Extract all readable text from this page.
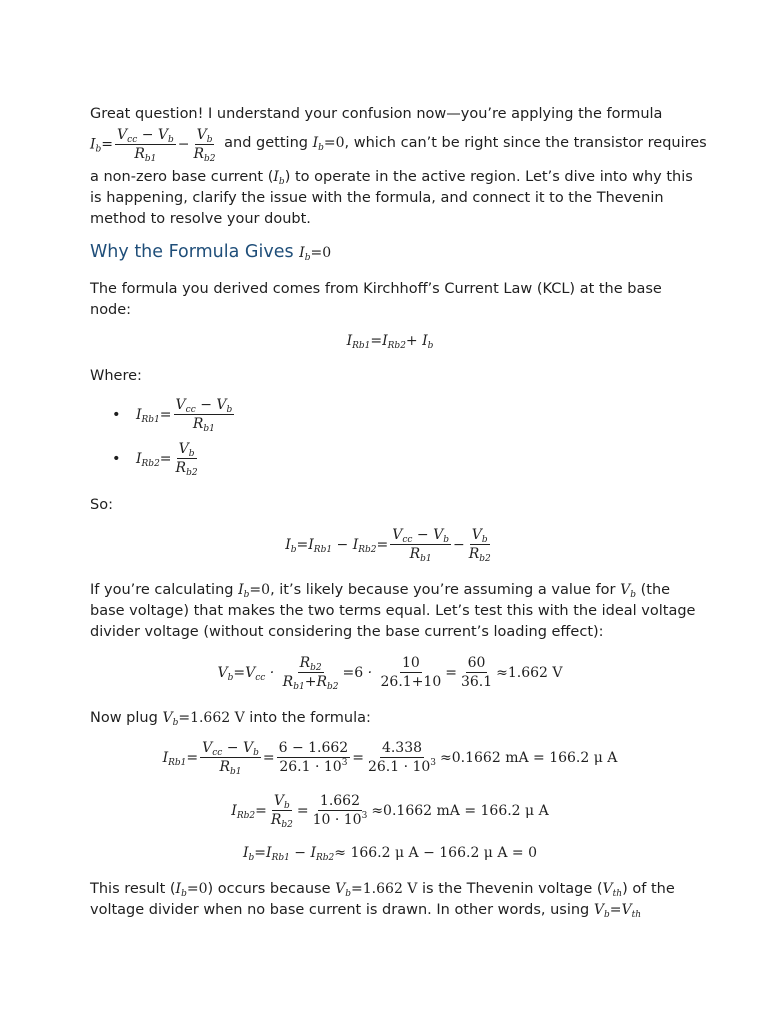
Great question! I understand your confusion now—you’re applying the formula
$I_b= \frac{V_{cc} - V_b}{R_{b1}} - \frac{V_b}{R_{b2}}$ and getting $I_b=0$ , which can’t be right since the transistor requires
a non-zero base current $(I_b)$ to operate in the active region. Let’s dive into why this
is happening, clarify the issue with the formula, and connect it to the Thevenin
method to resolve your doubt.
Why the Formula Gives $I_b=0$
The formula you derived comes from Kirchhoff’s Current Law (KCL) at the base
node:
$I_{Rb1}=I_{Rb2}+ I_b$
Where:
• $I_{Rb1}= \frac{V_{cc} - V_b}{R_{b1}}$
• $I_{Rb2}= \frac{V_b}{R_{b2}}$
So:
$I_b=I_{Rb1} - I_{Rb2}= \frac{V_{cc} - V_b}{R_{b1}} - \frac{V_b}{R_{b2}}$
If you’re calculating $I_b=0$, it’s likely because you’re assuming a value for $V_b$ (the
base voltage) that makes the two terms equal. Let’s test this with the ideal voltage
divider voltage (without considering the base current’s loading effect):
$V_b=V_{cc} \cdot \frac{R_{b2}}{R_{b1}+R_{b2}} =6 \cdot \frac{10}{26.1+10} = \frac{60}{36.1} \approx 1.662$ V
Now plug $V_b=1.662$ V into the formula:
$I_{Rb1}= \frac{V_{cc} - V_b}{R_{b1}} = \frac{6 - 1.662}{26.1 \cdot 10^3} = \frac{4.338}{26.1 \cdot 10^3} \approx 0.1662$ mA = 166.2 μ A
$I_{Rb2}= \frac{V_b}{R_{b2}} = \frac{1.662}{10 \cdot 10^3} \approx 0.1662$ mA = 166.2 μ A
$I_b=I_{Rb1} - I_{Rb2}\approx 166.2$ μ A − 166.2 μ A = 0
This result $(I_b=0)$ occurs because $V_b=1.662$ V is the Thevenin voltage $(V_{th})$ of the
voltage divider when no base current is drawn. In other words, using $V_b=V_{th}$
